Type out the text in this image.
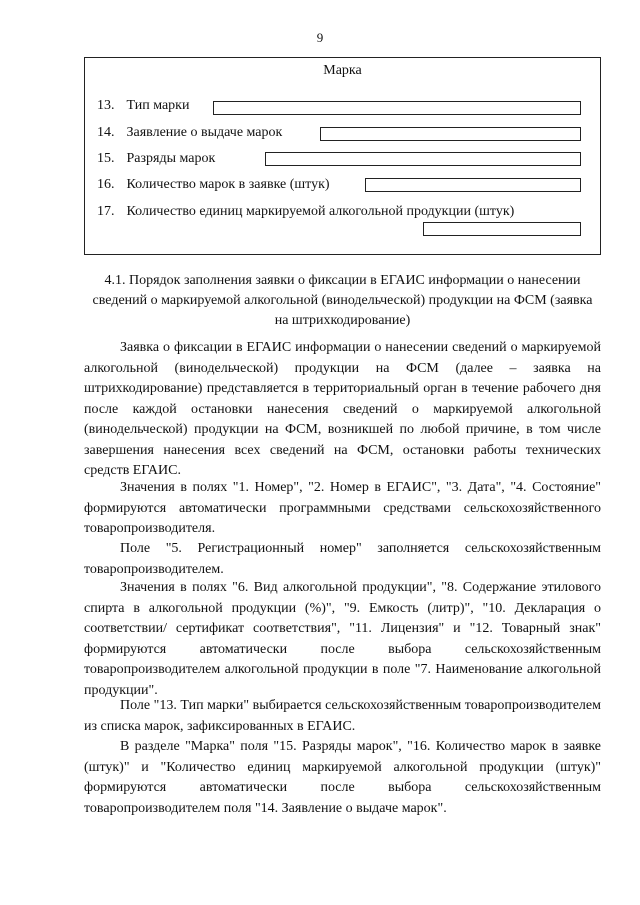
9
Марка
13. Тип марки
14. Заявление о выдаче марок
15. Разряды марок
16. Количество марок в заявке (штук)
17. Количество единиц маркируемой алкогольной продукции (штук)
4.1. Порядок заполнения заявки о фиксации в ЕГАИС информации о нанесении сведений о маркируемой алкогольной (винодельческой) продукции на ФСМ (заявка на штрихкодирование)

Заявка о фиксации в ЕГАИС информации о нанесении сведений о маркируемой алкогольной (винодельческой) продукции на ФСМ (далее – заявка на штрихкодирование) представляется в территориальный орган в течение рабочего дня после каждой остановки нанесения сведений о маркируемой алкогольной (винодельческой) продукции на ФСМ, возникшей по любой причине, в том числе завершения нанесения всех сведений на ФСМ, остановки работы технических средств ЕГАИС.

Значения в полях "1. Номер", "2. Номер в ЕГАИС", "3. Дата", "4. Состояние" формируются автоматически программными средствами сельскохозяйственного товаропроизводителя.

Поле "5. Регистрационный номер" заполняется сельскохозяйственным товаропроизводителем.

Значения в полях "6. Вид алкогольной продукции", "8. Содержание этилового спирта в алкогольной продукции (%)", "9. Емкость (литр)", "10. Декларация о соответствии/ сертификат соответствия", "11. Лицензия" и "12. Товарный знак" формируются автоматически после выбора сельскохозяйственным товаропроизводителем алкогольной продукции в поле "7. Наименование алкогольной продукции".

Поле "13. Тип марки" выбирается сельскохозяйственным товаропроизводителем из списка марок, зафиксированных в ЕГАИС.

В разделе "Марка" поля "15. Разряды марок", "16. Количество марок в заявке (штук)" и "Количество единиц маркируемой алкогольной продукции (штук)" формируются автоматически после выбора сельскохозяйственным товаропроизводителем поля "14. Заявление о выдаче марок".
